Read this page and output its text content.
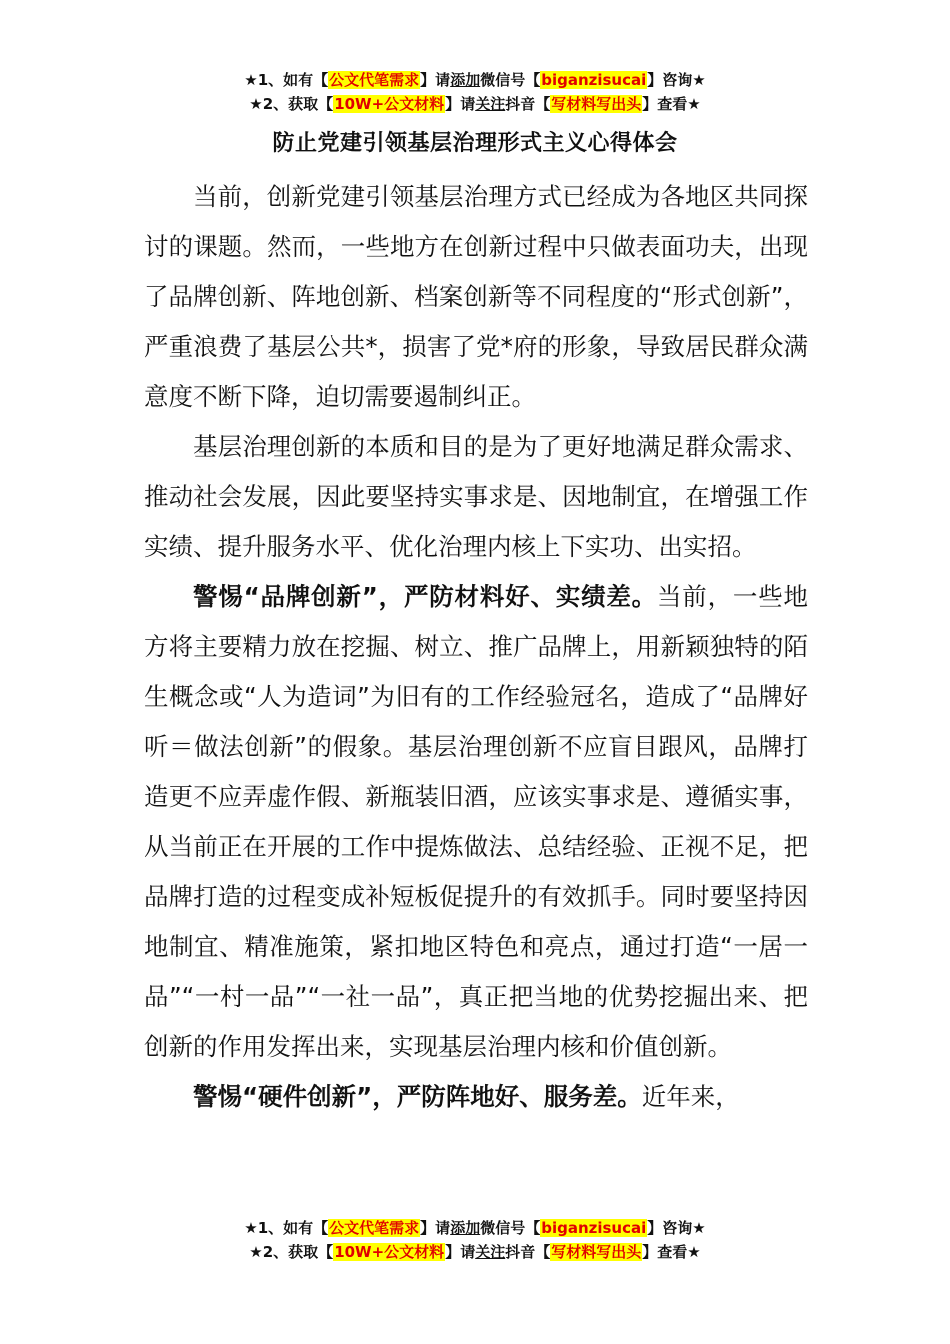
★1、如有【公文代笔需求】请添加微信号【biganzisucai】咨询★
★2、获取【10W+公文材料】请关注抖音【写材料写出头】查看★
防止党建引领基层治理形式主义心得体会

当前，创新党建引领基层治理方式已经成为各地区共同探讨的课题。然而，一些地方在创新过程中只做表面功夫，出现了品牌创新、阵地创新、档案创新等不同程度的“形式创新”，严重浪费了基层公共*，损害了党*府的形象，导致居民群众满意度不断下降，迫切需要遏制纠正。

基层治理创新的本质和目的是为了更好地满足群众需求、推动社会发展，因此要坚持实事求是、因地制宜，在增强工作实绩、提升服务水平、优化治理内核上下实功、出实招。

警惕“品牌创新”，严防材料好、实绩差。当前，一些地方将主要精力放在挖掘、树立、推广品牌上，用新颖独特的陌生概念或“人为造词”为旧有的工作经验冠名，造成了“品牌好听＝做法创新”的假象。基层治理创新不应盲目跟风，品牌打造更不应弄虚作假、新瓶装旧酒，应该实事求是、遵循实事，从当前正在开展的工作中提炼做法、总结经验、正视不足，把品牌打造的过程变成补短板促提升的有效抓手。同时要坚持因地制宜、精准施策，紧扣地区特色和亮点，通过打造“一居一品”“一村一品”“一社一品”，真正把当地的优势挖掘出来、把创新的作用发挥出来，实现基层治理内核和价值创新。

警惕“硬件创新”，严防阵地好、服务差。近年来，

★1、如有【公文代笔需求】请添加微信号【biganzisucai】咨询★
★2、获取【10W+公文材料】请关注抖音【写材料写出头】查看★
